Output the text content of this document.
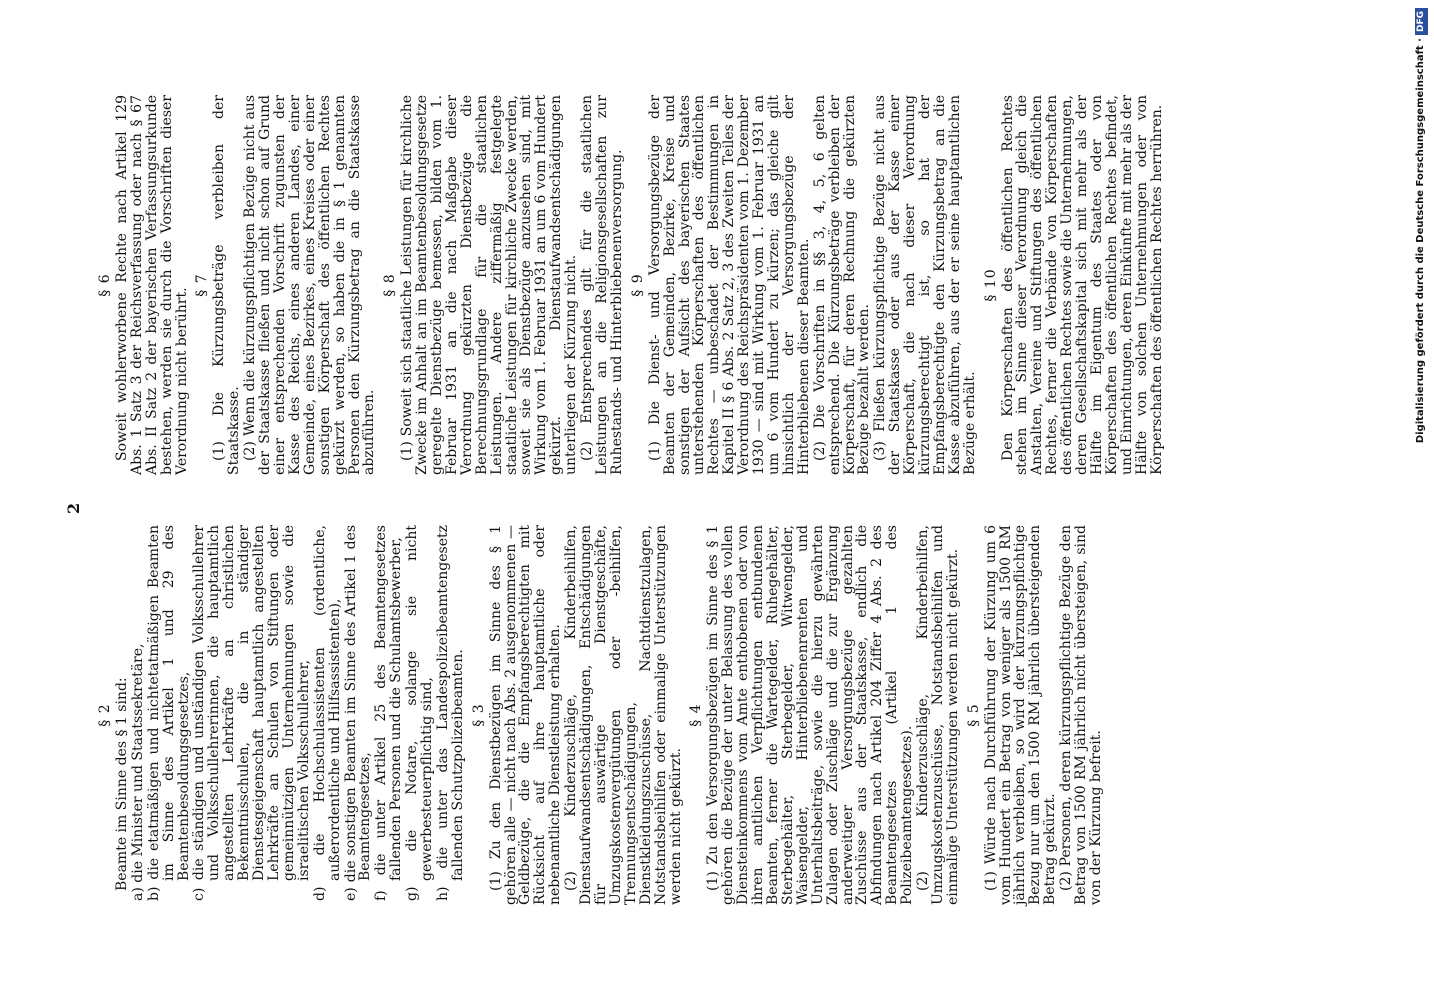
2
§ 2 Beamte im Sinne des § 1 sind:
a) die Minister und Staatssekretäre,
b) die etatmäßigen und nichtetatmäßigen Beamten im Sinne des Artikel 1 und 29 des Beamtenbesoldungsgesetzes,
c) die ständigen und unständigen Volksschullehrer und Volksschullehrerinnen, die hauptamtlich angestellten Lehrkräfte an christlichen Bekenntnisschulen, die in ständiger Dienstesgeigenschaft hauptamtlich angestellten Lehrkräfte an Schulen von Stiftungen oder gemeinnützigen Unternehmungen sowie die israelitischen Volksschullehrer,
d) die Hochschulassistenten (ordentliche, außerordentliche und Hilfsassistenten),
e) die sonstigen Beamten im Sinne des Artikel 1 des Beamtengesetzes,
f) die unter Artikel 25 des Beamtengesetzes fallenden Personen und die Schulamtsbewerber,
g) die Notare, solange sie nicht gewerbesteuerpflichtig sind,
h) die unter das Landespolizeibeamtengesetz fallenden Schutzpolizeibeamten. § 3 (1) Zu den Dienstbezügen im Sinne des § 1 gehören alle — nicht nach Abs. 2 ausgenommenen — Geldbezüge, die die Empfangsberechtigten mit Rücksicht auf ihre hauptamtliche oder nebenamtliche Dienstleistung erhalten. (2) Kinderzuschläge, Kinderbeihilfen, Dienstaufwandsentschädigungen, Entschädigungen für auswärtige Dienstgeschäfte, Umzugskostenvergütungen oder -beihilfen, Trennungsentschädigungen, Dienstkleidungszuschüsse, Nachtdienstzulagen, Notstandsbeihilfen oder einmalige Unterstützungen werden nicht gekürzt.
§ 4 (1) Zu den Versorgungsbezügen im Sinne des § 1 gehören die Bezüge der unter Belassung des vollen Diensteinkommens vom Amte enthobenen oder von ihren amtlichen Verpflichtungen entbundenen Beamten, ferner die Wartegelder, Ruhegehälter, Sterbegehälter, Sterbegelder, Witwengelder, Waisengelder, Hinterbliebenenrenten und Unterhaltsbeiträge, sowie die hierzu gewährten Zulagen oder Zuschläge und die zur Ergänzung anderweitiger Versorgungsbezüge gezahlten Zuschüsse aus der Staatskasse, endlich die Abfindungen nach Artikel 204 Ziffer 4 Abs. 2 des Beamtengesetzes (Artikel 1 des Polizeibeamtengesetzes). (2) Kinderzuschläge, Kinderbeihilfen, Umzugskostenzuschüsse, Notstandsbeihilfen und einmalige Unterstützungen werden nicht gekürzt. § 5 (1) Würde nach Durchführung der Kürzung um 6 vom Hundert ein Betrag von weniger als 1500 RM jährlich verbleiben, so wird der kürzungspflichtige Bezug nur um den 1500 RM jährlich übersteigenden Betrag gekürzt. (2) Personen, deren kürzungspflichtige Bezüge den Betrag von 1500 RM jährlich nicht übersteigen, sind von der Kürzung befreit.
§ 6 Soweit wohlerworbene Rechte nach Artikel 129 Abs. 1 Satz 3 der Reichsverfassung oder nach § 67 Abs. II Satz 2 der bayerischen Verfassungsurkunde bestehen, werden sie durch die Vorschriften dieser Verordnung nicht berührt.
§ 7 (1) Die Kürzungsbeträge verbleiben der Staatskasse. (2) Wenn die kürzungspflichtigen Bezüge nicht aus der Staatskasse fließen und nicht schon auf Grund einer entsprechenden Vorschrift zugunsten der Kasse des Reichs, eines anderen Landes, einer Gemeinde, eines Bezirkes, eines Kreises oder einer sonstigen Körperschaft des öffentlichen Rechtes gekürzt werden, so haben die in § 1 genannten Personen den Kürzungsbetrag an die Staatskasse abzuführen.
§ 8 (1) Soweit sich staatliche Leistungen für kirchliche Zwecke im Anhalt an im Beamtenbesoldungsgesetze geregelte Dienstbezüge bemessen, bilden vom 1. Februar 1931 an die nach Maßgabe dieser Verordnung gekürzten Dienstbezüge die Berechnungsgrundlage für die staatlichen Leistungen. Andere ziffermäßig festgelegte staatliche Leistungen für kirchliche Zwecke werden, soweit sie als Dienstbezüge anzusehen sind, mit Wirkung vom 1. Februar 1931 an um 6 vom Hundert gekürzt. Dienstaufwandsentschädigungen unterliegen der Kürzung nicht. (2) Entsprechendes gilt für die staatlichen Leistungen an die Religionsgesellschaften zur Ruhestands- und Hinterbliebenenversorgung. § 9 (1) Die Dienst- und Versorgungsbezüge der Beamten der Gemeinden, Bezirke, Kreise und sonstigen der Aufsicht des bayerischen Staates unterstehenden Körperschaften des öffentlichen Rechtes — unbeschadet der Bestimmungen in Kapitel II § 6 Abs. 2 Satz 2, 3 des Zweiten Teiles der Verordnung des Reichspräsidenten vom 1. Dezember 1930 — sind mit Wirkung vom 1. Februar 1931 an um 6 vom Hundert zu kürzen; das gleiche gilt hinsichtlich der Versorgungsbezüge der Hinterbliebenen dieser Beamten. (2) Die Vorschriften in §§ 3, 4, 5, 6 gelten entsprechend. Die Kürzungsbeträge verbleiben der Körperschaft, für deren Rechnung die gekürzten Bezüge bezahlt werden. (3) Fließen kürzungspflichtige Bezüge nicht aus der Staatskasse oder aus der Kasse einer Körperschaft, die nach dieser Verordnung kürzungsberechtigt ist, so hat der Empfangsberechtigte den Kürzungsbetrag an die Kasse abzuführen, aus der er seine hauptamtlichen Bezüge erhält.
§ 10 Den Körperschaften des öffentlichen Rechtes stehen im Sinne dieser Verordnung gleich die Anstalten, Vereine und Stiftungen des öffentlichen Rechtes, ferner die Verbände von Körperschaften des öffentlichen Rechtes sowie die Unternehmungen, deren Gesellschaftskapital sich mit mehr als der Hälfte im Eigentum des Staates oder von Körperschaften des öffentlichen Rechtes befindet, und Einrichtungen, deren Einkünfte mit mehr als der Hälfte von solchen Unternehmungen oder von Körperschaften des öffentlichen Rechtes herrühren.	Digitalisierung gefördert durch die Deutsche Forschungsgemeinschaft ·DFG
